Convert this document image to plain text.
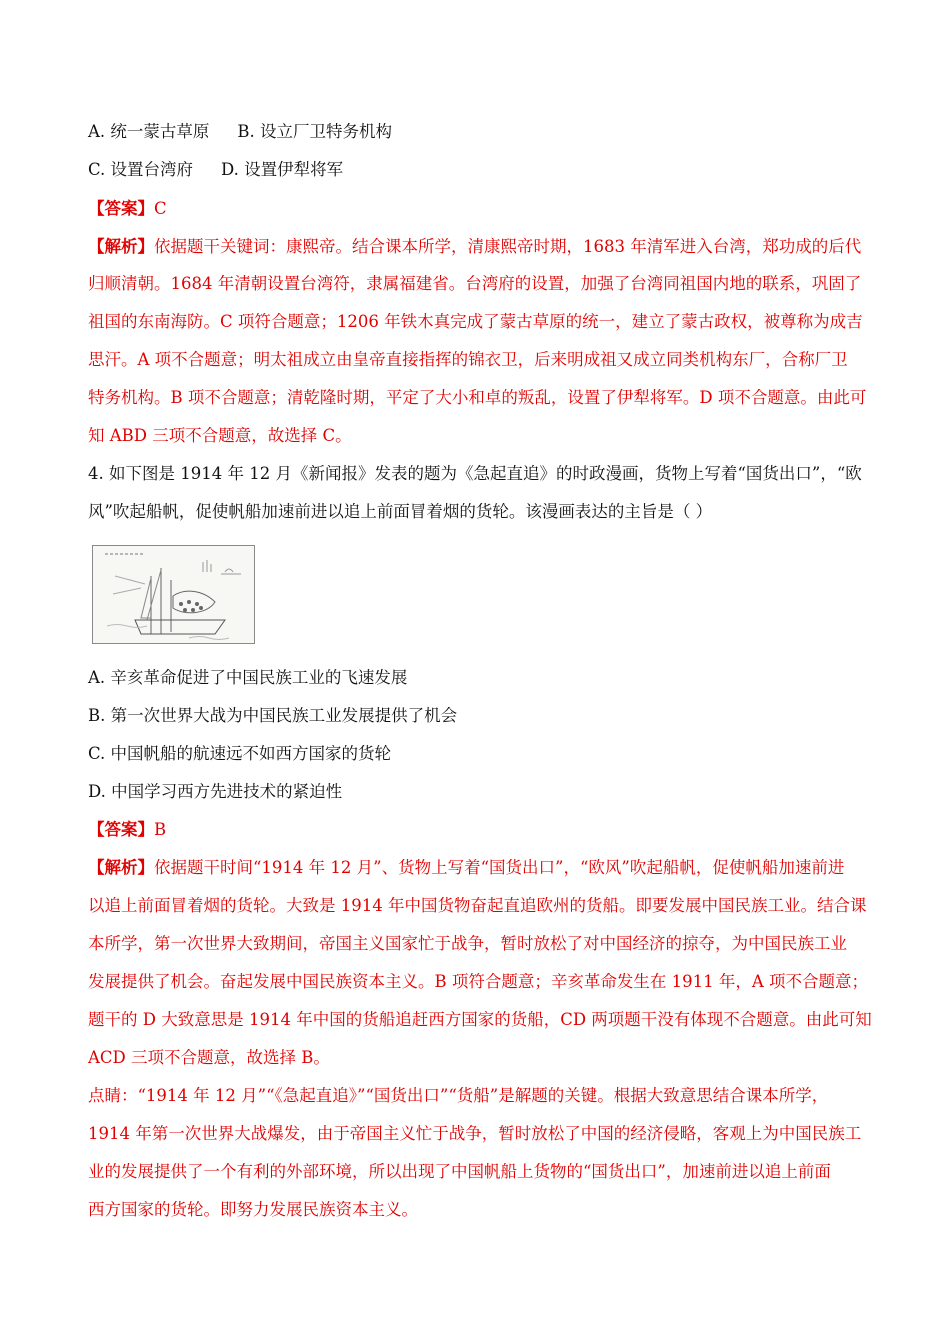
A. 统一蒙古草原 B. 设立厂卫特务机构
C. 设置台湾府 D. 设置伊犁将军
【答案】C
【解析】依据题干关键词：康熙帝。结合课本所学，清康熙帝时期，1683 年清军进入台湾，郑功成的后代
归顺清朝。1684 年清朝设置台湾符，隶属福建省。台湾府的设置，加强了台湾同祖国内地的联系，巩固了
祖国的东南海防。C 项符合题意；1206 年铁木真完成了蒙古草原的统一，建立了蒙古政权，被尊称为成吉
思汗。A 项不合题意；明太祖成立由皇帝直接指挥的锦衣卫，后来明成祖又成立同类机构东厂，合称厂卫
特务机构。B 项不合题意；清乾隆时期，平定了大小和卓的叛乱，设置了伊犁将军。D 项不合题意。由此可
知 ABD 三项不合题意，故选择 C。
4. 如下图是 1914 年 12 月《新闻报》发表的题为《急起直追》的时政漫画，货物上写着“国货出口”，“欧
风”吹起船帆，促使帆船加速前进以追上前面冒着烟的货轮。该漫画表达的主旨是（ ）
A. 辛亥革命促进了中国民族工业的飞速发展
B. 第一次世界大战为中国民族工业发展提供了机会
C. 中国帆船的航速远不如西方国家的货轮
D. 中国学习西方先进技术的紧迫性
【答案】B
【解析】依据题干时间“1914 年 12 月”、货物上写着“国货出口”，“欧风”吹起船帆，促使帆船加速前进
以追上前面冒着烟的货轮。大致是 1914 年中国货物奋起直追欧州的货船。即要发展中国民族工业。结合课
本所学，第一次世界大致期间，帝国主义国家忙于战争，暂时放松了对中国经济的掠夺，为中国民族工业
发展提供了机会。奋起发展中国民族资本主义。B 项符合题意；辛亥革命发生在 1911 年，A 项不合题意；
题干的 D 大致意思是 1914 年中国的货船追赶西方国家的货船，CD 两项题干没有体现不合题意。由此可知
ACD 三项不合题意，故选择 B。
点睛：“1914 年 12 月”“《急起直追》”“国货出口”“货船”是解题的关键。根据大致意思结合课本所学，
1914 年第一次世界大战爆发，由于帝国主义忙于战争，暂时放松了中国的经济侵略，客观上为中国民族工
业的发展提供了一个有利的外部环境，所以出现了中国帆船上货物的“国货出口”，加速前进以追上前面
西方国家的货轮。即努力发展民族资本主义。
